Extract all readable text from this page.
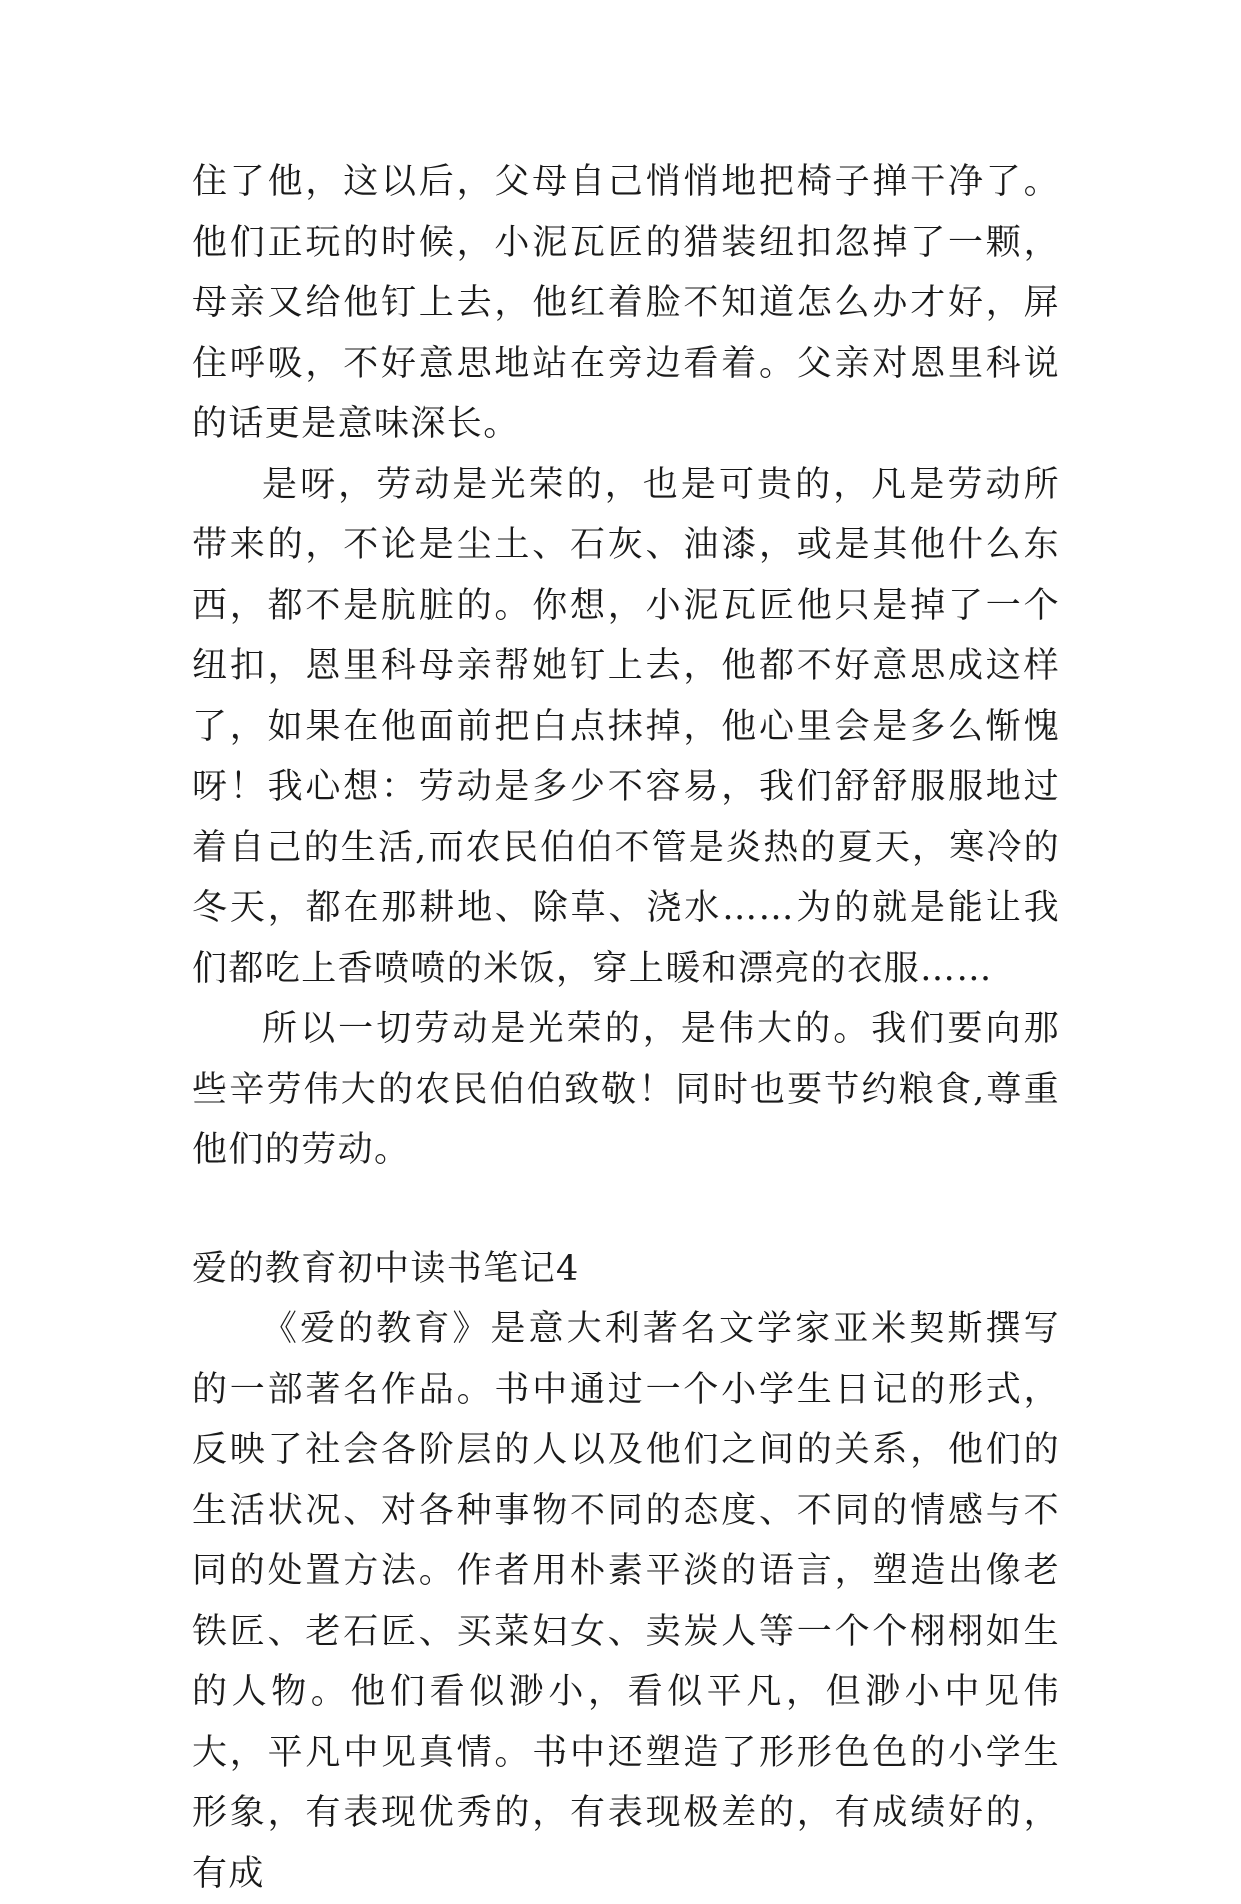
住了他，这以后，父母自己悄悄地把椅子掸干净了。他们正玩的时候，小泥瓦匠的猎装纽扣忽掉了一颗，母亲又给他钉上去，他红着脸不知道怎么办才好，屏住呼吸，不好意思地站在旁边看着。父亲对恩里科说的话更是意味深长。

是呀，劳动是光荣的，也是可贵的，凡是劳动所带来的，不论是尘土、石灰、油漆，或是其他什么东西，都不是肮脏的。你想，小泥瓦匠他只是掉了一个纽扣，恩里科母亲帮她钉上去，他都不好意思成这样了，如果在他面前把白点抹掉，他心里会是多么惭愧呀！我心想：劳动是多少不容易，我们舒舒服服地过着自己的生活,而农民伯伯不管是炎热的夏天，寒冷的冬天，都在那耕地、除草、浇水……为的就是能让我们都吃上香喷喷的米饭，穿上暖和漂亮的衣服……

所以一切劳动是光荣的，是伟大的。我们要向那些辛劳伟大的农民伯伯致敬！同时也要节约粮食,尊重他们的劳动。

爱的教育初中读书笔记4

《爱的教育》是意大利著名文学家亚米契斯撰写的一部著名作品。书中通过一个小学生日记的形式，反映了社会各阶层的人以及他们之间的关系，他们的生活状况、对各种事物不同的态度、不同的情感与不同的处置方法。作者用朴素平淡的语言，塑造出像老铁匠、老石匠、买菜妇女、卖炭人等一个个栩栩如生的人物。他们看似渺小，看似平凡，但渺小中见伟大，平凡中见真情。书中还塑造了形形色色的小学生形象，有表现优秀的，有表现极差的，有成绩好的，有成
